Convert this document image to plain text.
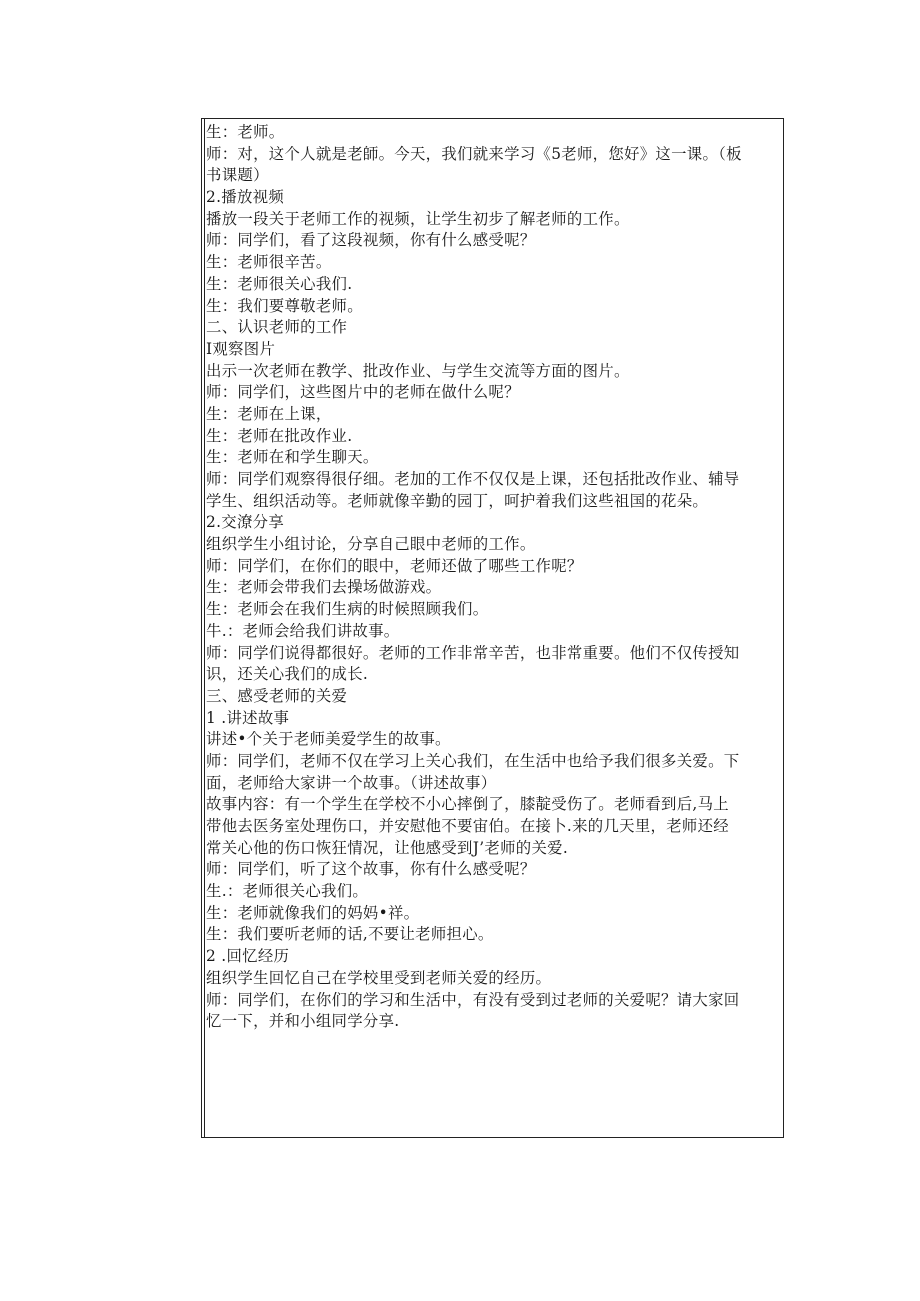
生：老师。
师：对，这个人就是老師。今天，我们就来学习《5老师，您好》这一课。（板
书课题）
2.播放视频
播放一段关于老师工作的视频，让学生初步了解老师的工作。
师：同学们，看了这段视频，你有什么感受呢？
生：老师很辛苦。
生：老师很关心我们.
生：我们要尊敬老师。
二、认识老师的工作
I观察图片
出示一次老师在教学、批改作业、与学生交流等方面的图片。
师：同学们，这些图片中的老师在做什么呢？
生：老师在上课，
生：老师在批改作业.
生：老师在和学生聊天。
师：同学们观察得很仔细。老加的工作不仅仅是上课，还包括批改作业、辅导
学生、组织活动等。老师就像辛勤的园丁，呵护着我们这些祖国的花朵。
2.交潦分享
组织学生小组讨论，分享自己眼中老师的工作。
师：同学们，在你们的眼中，老师还做了哪些工作呢？
生：老师会带我们去操场做游戏。
生：老师会在我们生病的时候照顾我们。
牛.：老师会给我们讲故事。
师：同学们说得都很好。老师的工作非常辛苦，也非常重要。他们不仅传授知
识，还关心我们的成长.
三、感受老师的关爱
1 .讲述故事
讲述•个关于老师美爱学生的故事。
师：同学们，老师不仅在学习上关心我们，在生活中也给予我们很多关爱。下
面，老师给大家讲一个故事。（讲述故事）
故事内容：有一个学生在学校不小心摔倒了，膝靛受伤了。老师看到后,马上
带他去医务室处理伤口，并安慰他不要宙伯。在接卜.来的几天里，老师还经
常关心他的伤口恢狂情况，让他感受到J’老师的关爱.
师：同学们，听了这个故事，你有什么感受呢？
生.：老师很关心我们。
生：老师就像我们的妈妈•祥。
生：我们要听老师的话,不要让老师担心。
2 .回忆经历
组织学生回忆自己在学校里受到老师关爱的经历。
师：同学们，在你们的学习和生活中，有没有受到过老师的关爱呢？请大家回
忆一下，并和小组同学分享.
